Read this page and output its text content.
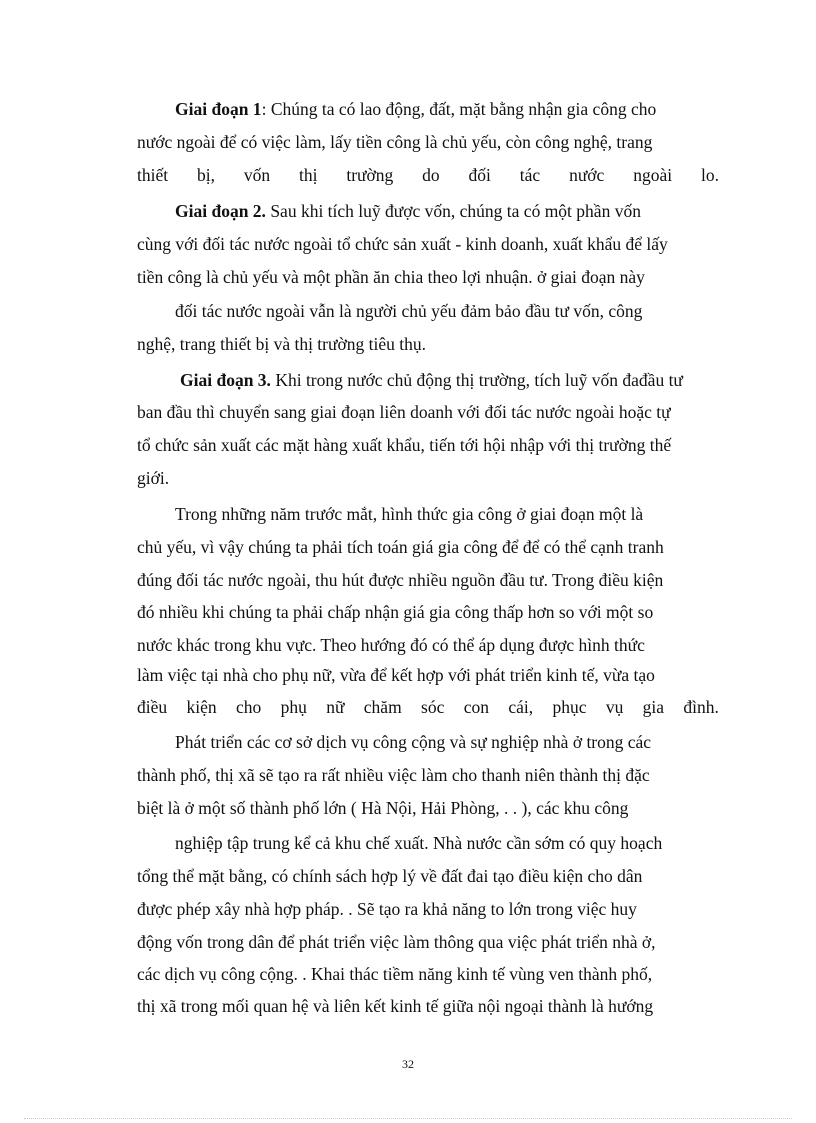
Giai đoạn 1: Chúng ta có lao động, đất, mặt bằng nhận gia công cho
nước ngoài để có việc làm, lấy tiền công là chủ yếu, còn công nghệ, trang
thiết bị, vốn thị trường do đối tác nước ngoài lo.
Giai đoạn 2. Sau khi tích luỹ được vốn, chúng ta có một phần vốn
cùng với đối tác nước ngoài tổ chức sản xuất - kinh doanh, xuất khẩu để lấy
tiền công là chủ yếu và một phần ăn chia theo lợi nhuận. ở giai đoạn này
đối tác nước ngoài vẫn là người chủ yếu đảm bảo đầu tư vốn, công
nghệ, trang thiết bị và thị trường tiêu thụ.
Giai đoạn 3. Khi trong nước chủ động thị trường, tích luỹ vốn đađầu tư
ban đầu thì chuyển sang giai đoạn liên doanh với đối tác nước ngoài hoặc tự
tổ chức sản xuất các mặt hàng xuất khẩu, tiến tới hội nhập với thị trường thế
giới.
Trong những năm trước mắt, hình thức gia công ở giai đoạn một là
chủ yếu, vì vậy chúng ta phải tích toán giá gia công để để có thể cạnh tranh
đúng đối tác nước ngoài, thu hút được nhiều nguồn đầu tư. Trong điều kiện
đó nhiều khi chúng ta phải chấp nhận giá gia công thấp hơn so với một so
nước khác trong khu vực. Theo hướng đó có thể áp dụng được hình thức
làm việc tại nhà cho phụ nữ, vừa để kết hợp với phát triển kinh tế, vừa tạo
điều kiện cho phụ nữ chăm sóc con cái, phục vụ gia đình.
Phát triển các cơ sở dịch vụ công cộng và sự nghiệp nhà ở trong các
thành phố, thị xã sẽ tạo ra rất nhiều việc làm cho thanh niên thành thị đặc
biệt là ở một số thành phố lớn ( Hà Nội, Hải Phòng, . . ), các khu công
nghiệp tập trung kể cả khu chế xuất. Nhà nước cần sớm có quy hoạch
tổng thể mặt bằng, có chính sách hợp lý về đất đai tạo điều kiện cho dân
được phép xây nhà hợp pháp. . Sẽ tạo ra khả năng to lớn trong việc huy
động vốn trong dân để phát triển việc làm thông qua việc phát triển nhà ở,
các dịch vụ công cộng. . Khai thác tiềm năng kinh tế vùng ven thành phố,
thị xã trong mối quan hệ và liên kết kinh tế giữa nội ngoại thành là hướng
32
